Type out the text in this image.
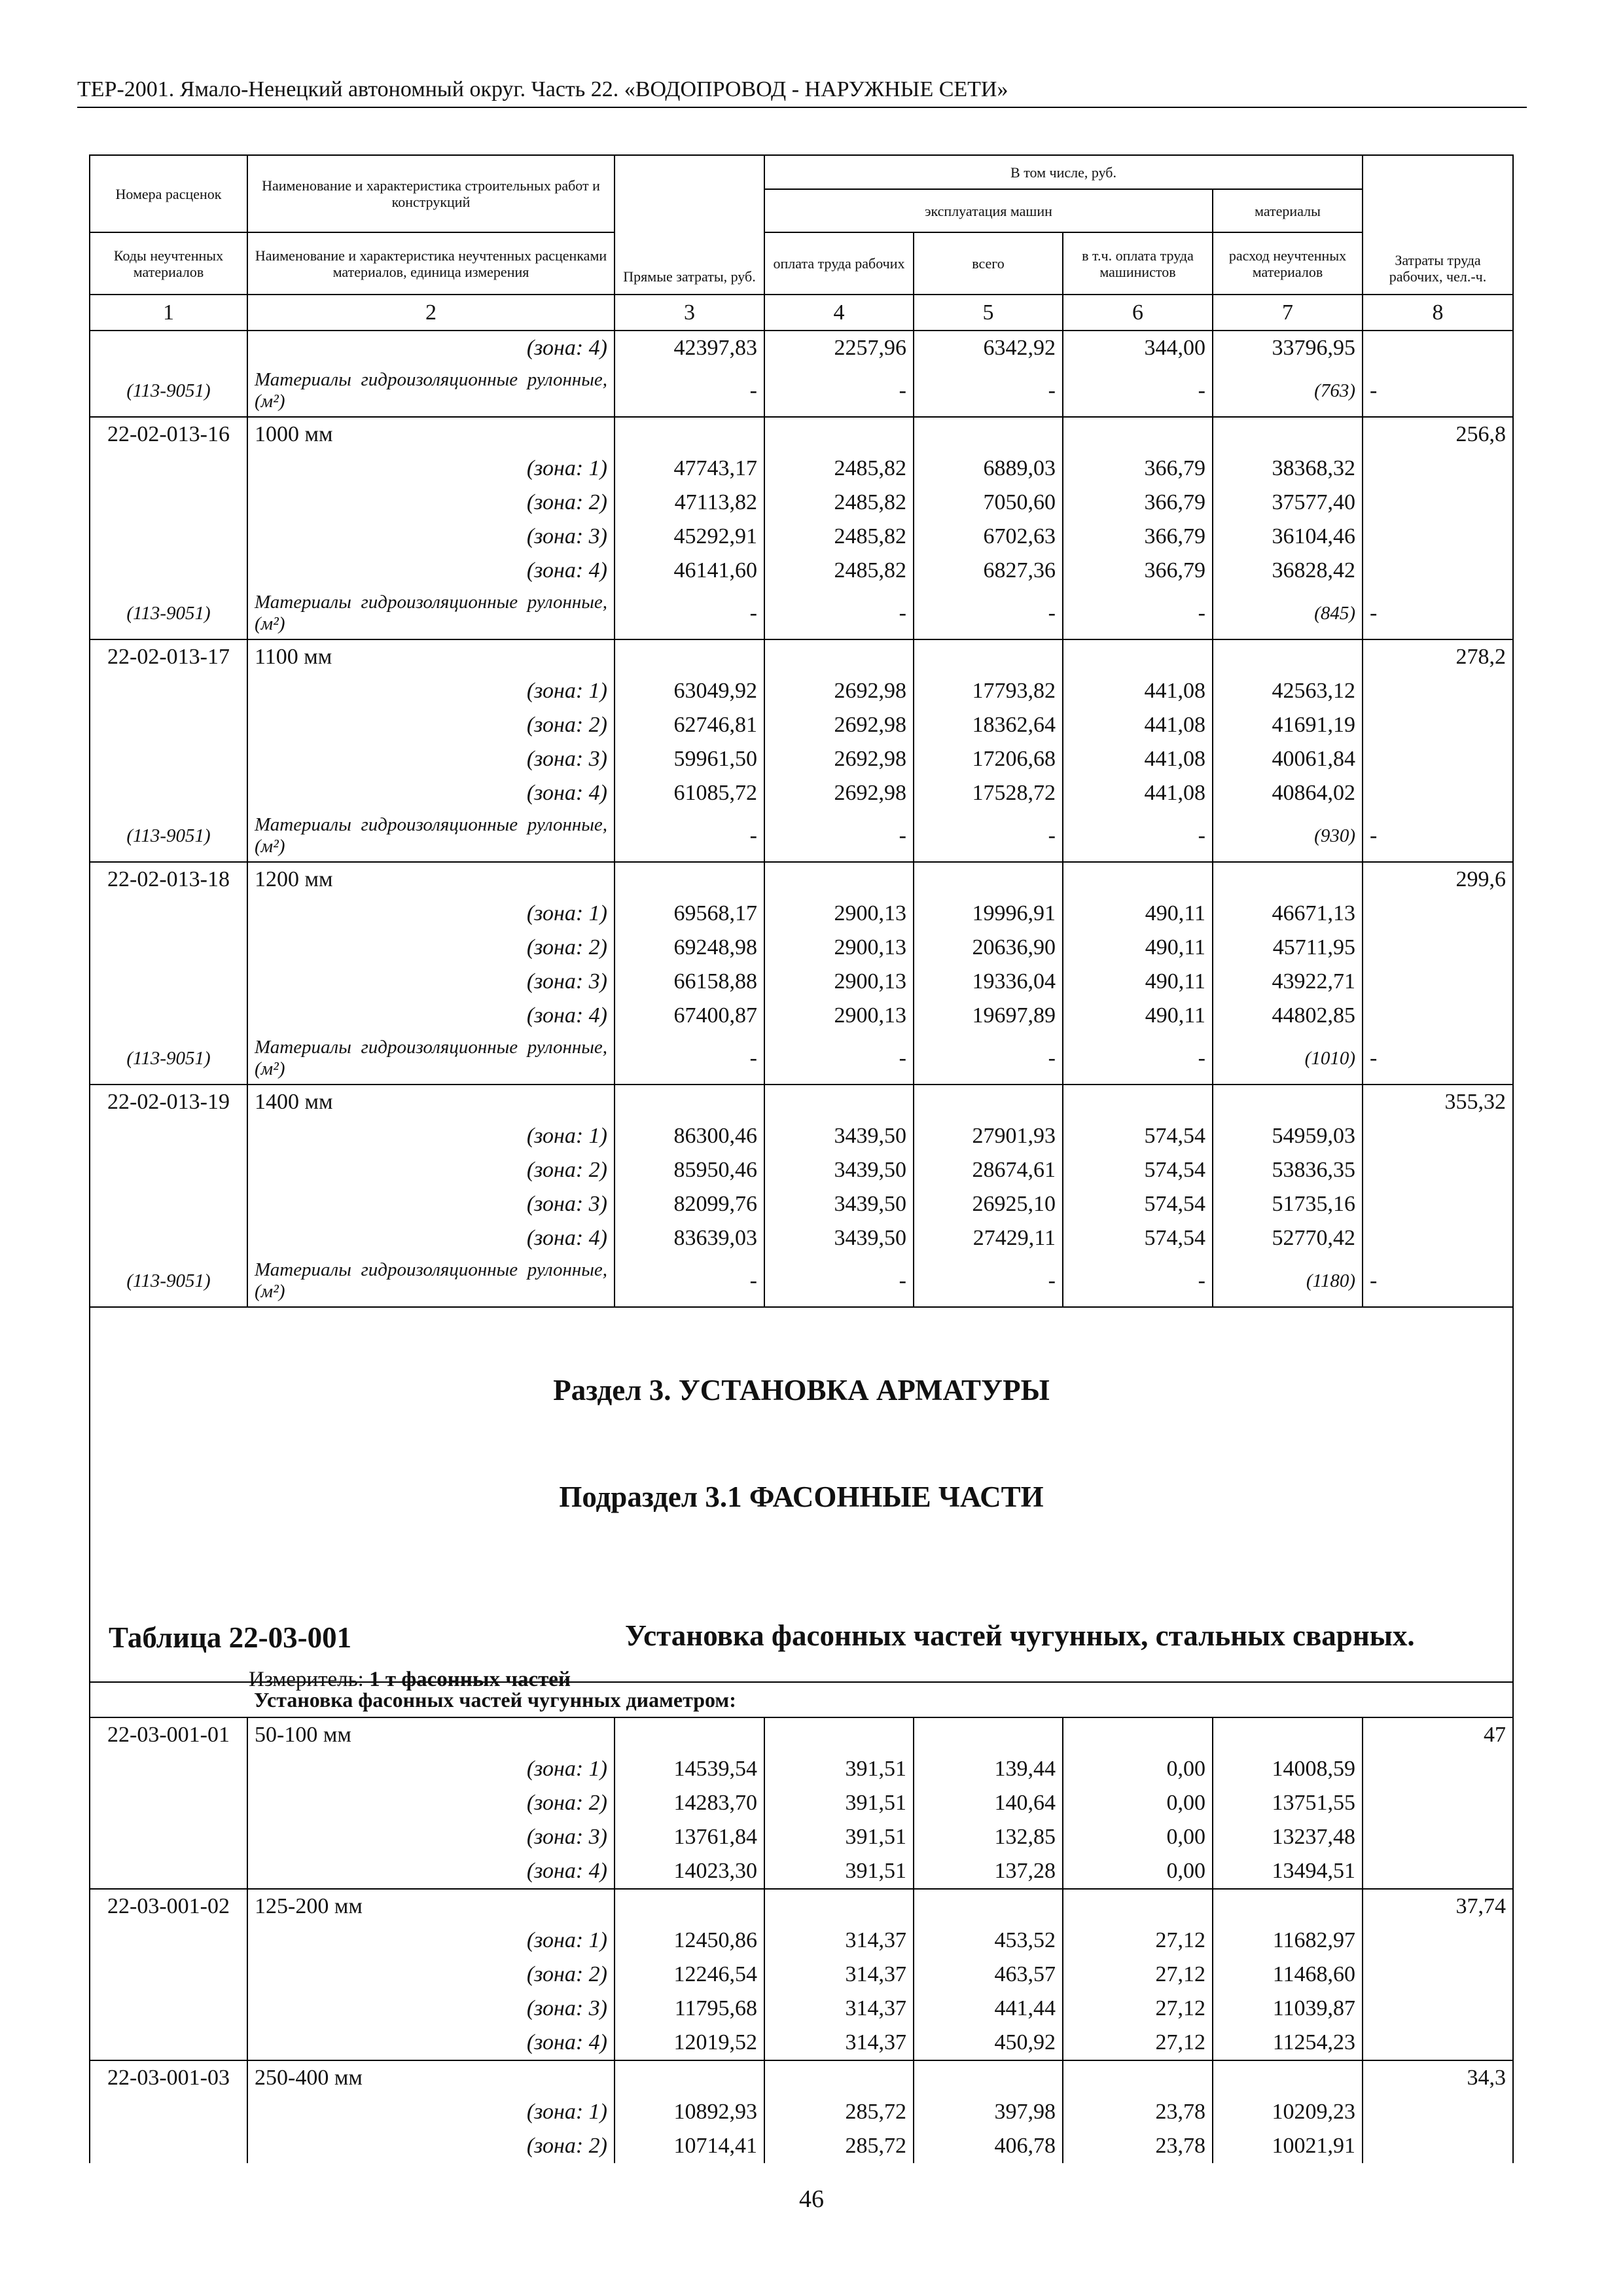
ТЕР-2001. Ямало-Ненецкий автономный округ. Часть 22. «ВОДОПРОВОД - НАРУЖНЫЕ СЕТИ»
Номера расценок	Наименование и характеристика строительных работ и конструкций	Прямые затраты, руб.	В том числе, руб.				Затраты труда рабочих, чел.-ч.
			эксплуатация машин			материалы	
Коды неучтенных материалов	Наименование и характеристика неучтенных расценками материалов, единица измерения		оплата труда рабочих	всего	в т.ч. оплата труда машинистов	расход неучтенных материалов	
1	2	3	4	5	6	7	8
	(зона: 4)	42397,83	2257,96	6342,92	344,00	33796,95	
(113-9051)	Материалы гидроизоляционные рулонные, (м²)	-	-	-	-	(763)	-
22-02-013-16	1000 мм						256,8
	(зона: 1)	47743,17	2485,82	6889,03	366,79	38368,32	
	(зона: 2)	47113,82	2485,82	7050,60	366,79	37577,40	
	(зона: 3)	45292,91	2485,82	6702,63	366,79	36104,46	
	(зона: 4)	46141,60	2485,82	6827,36	366,79	36828,42	
(113-9051)	Материалы гидроизоляционные рулонные, (м²)	-	-	-	-	(845)	-
22-02-013-17	1100 мм						278,2
	(зона: 1)	63049,92	2692,98	17793,82	441,08	42563,12	
	(зона: 2)	62746,81	2692,98	18362,64	441,08	41691,19	
	(зона: 3)	59961,50	2692,98	17206,68	441,08	40061,84	
	(зона: 4)	61085,72	2692,98	17528,72	441,08	40864,02	
(113-9051)	Материалы гидроизоляционные рулонные, (м²)	-	-	-	-	(930)	-
22-02-013-18	1200 мм						299,6
	(зона: 1)	69568,17	2900,13	19996,91	490,11	46671,13	
	(зона: 2)	69248,98	2900,13	20636,90	490,11	45711,95	
	(зона: 3)	66158,88	2900,13	19336,04	490,11	43922,71	
	(зона: 4)	67400,87	2900,13	19697,89	490,11	44802,85	
(113-9051)	Материалы гидроизоляционные рулонные, (м²)	-	-	-	-	(1010)	-
22-02-013-19	1400 мм						355,32
	(зона: 1)	86300,46	3439,50	27901,93	574,54	54959,03	
	(зона: 2)	85950,46	3439,50	28674,61	574,54	53836,35	
	(зона: 3)	82099,76	3439,50	26925,10	574,54	51735,16	
	(зона: 4)	83639,03	3439,50	27429,11	574,54	52770,42	
(113-9051)	Материалы гидроизоляционные рулонные, (м²)	-	-	-	-	(1180)	-

Раздел 3. УСТАНОВКА АРМАТУРЫ
Подраздел 3.1 ФАСОННЫЕ ЧАСТИ
Таблица 22-03-001 Установка фасонных частей чугунных, стальных сварных.
Измеритель: 1 т фасонных частей							

	Установка фасонных частей чугунных диаметром:						
22-03-001-01	50-100 мм						47
	(зона: 1)	14539,54	391,51	139,44	0,00	14008,59	
	(зона: 2)	14283,70	391,51	140,64	0,00	13751,55	
	(зона: 3)	13761,84	391,51	132,85	0,00	13237,48	
	(зона: 4)	14023,30	391,51	137,28	0,00	13494,51	
22-03-001-02	125-200 мм						37,74
	(зона: 1)	12450,86	314,37	453,52	27,12	11682,97	
	(зона: 2)	12246,54	314,37	463,57	27,12	11468,60	
	(зона: 3)	11795,68	314,37	441,44	27,12	11039,87	
	(зона: 4)	12019,52	314,37	450,92	27,12	11254,23	
22-03-001-03	250-400 мм						34,3
	(зона: 1)	10892,93	285,72	397,98	23,78	10209,23	
	(зона: 2)	10714,41	285,72	406,78	23,78	10021,91	
46
